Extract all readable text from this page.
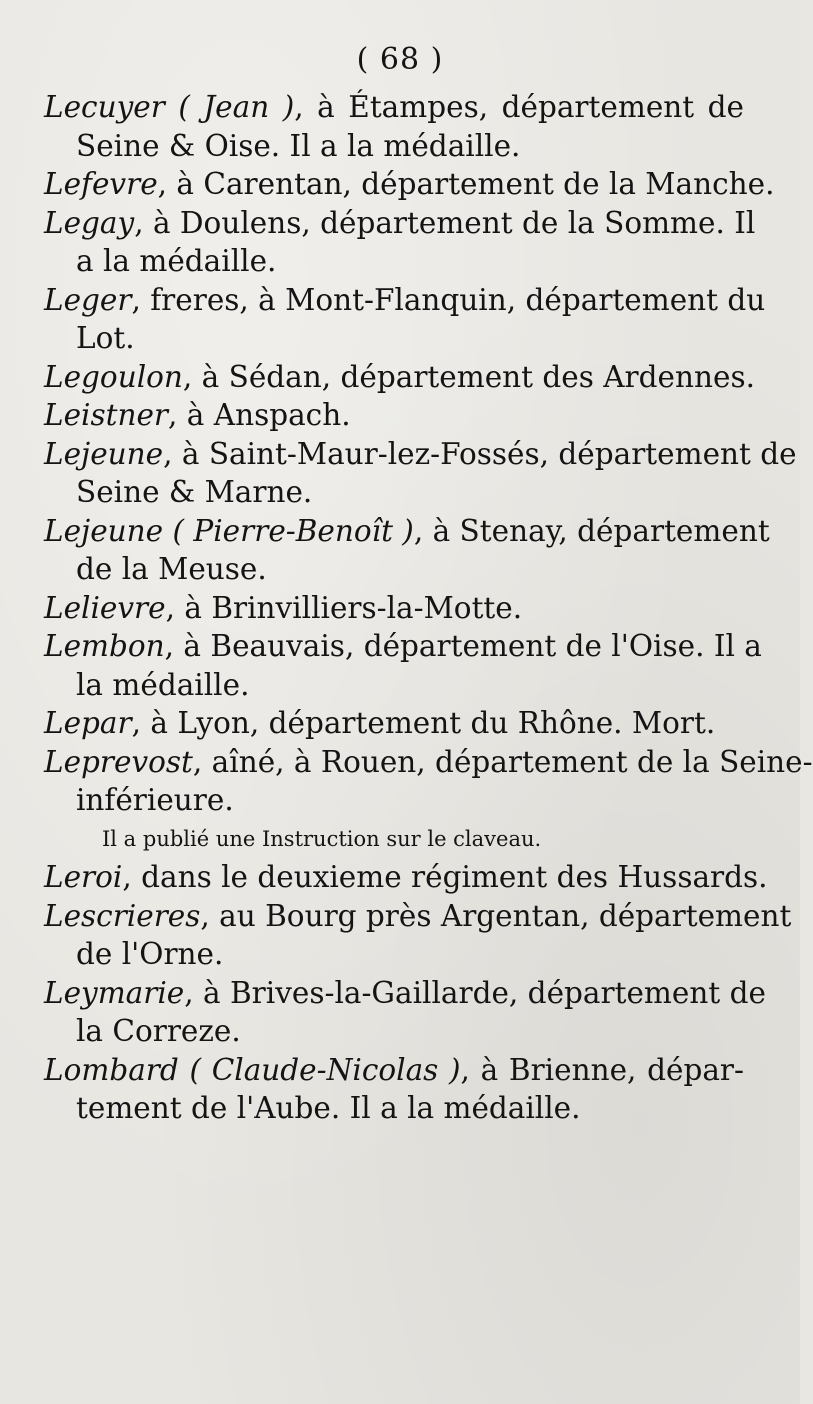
( 68 )
Lecuyer ( Jean ), à Étampes, département de
Seine & Oise. Il a la médaille.
Lefevre, à Carentan, département de la Manche.
Legay, à Doulens, département de la Somme. Il
a la médaille.
Leger, freres, à Mont-Flanquin, département du
Lot.
Legoulon, à Sédan, département des Ardennes.
Leistner, à Anspach.
Lejeune, à Saint-Maur-lez-Fossés, département de
Seine & Marne.
Lejeune ( Pierre-Benoît ), à Stenay, département
de la Meuse.
Lelievre, à Brinvilliers-la-Motte.
Lembon, à Beauvais, département de l'Oise. Il a
la médaille.
Lepar, à Lyon, département du Rhône. Mort.
Leprevost, aîné, à Rouen, département de la Seine-
inférieure.
Il a publié une Instruction sur le claveau.
Leroi, dans le deuxieme régiment des Hussards.
Lescrieres, au Bourg près Argentan, département
de l'Orne.
Leymarie, à Brives-la-Gaillarde, département de
la Correze.
Lombard ( Claude-Nicolas ), à Brienne, dépar-
tement de l'Aube. Il a la médaille.
